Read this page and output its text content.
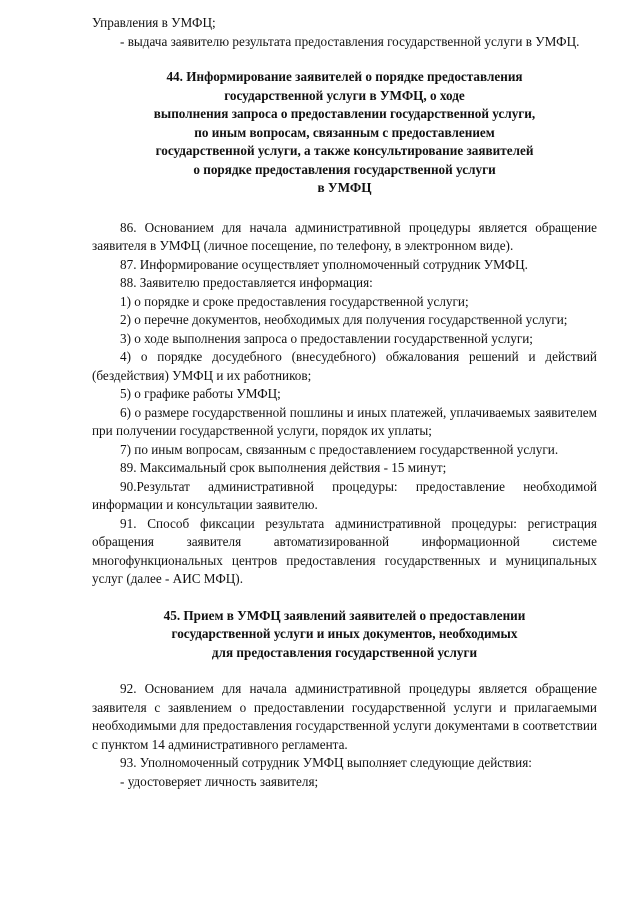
Управления в УМФЦ;

- выдача заявителю результата предоставления государственной услуги в УМФЦ.

44. Информирование заявителей о порядке предоставления

государственной услуги в УМФЦ, о ходе

выполнения запроса о предоставлении государственной услуги,

по иным вопросам, связанным с предоставлением

государственной услуги, а также консультирование заявителей

о порядке предоставления государственной услуги

в УМФЦ

86. Основанием для начала административной процедуры является обращение заявителя в УМФЦ (личное посещение, по телефону, в электронном виде).

87. Информирование осуществляет уполномоченный сотрудник УМФЦ.

88. Заявителю предоставляется информация:

1) о порядке и сроке предоставления государственной услуги;

2) о перечне документов, необходимых для получения государственной услуги;

3) о ходе выполнения запроса о предоставлении государственной услуги;

4) о порядке досудебного (внесудебного) обжалования решений и действий (бездействия) УМФЦ и их работников;

5) о графике работы УМФЦ;

6) о размере государственной пошлины и иных платежей, уплачиваемых заявителем при получении государственной услуги, порядок их уплаты;

7) по иным вопросам, связанным с предоставлением государственной услуги.

89. Максимальный срок выполнения действия - 15 минут;

90.Результат административной процедуры: предоставление необходимой информации и консультации заявителю.

91. Способ фиксации результата административной процедуры: регистрация обращения заявителя автоматизированной информационной системе многофункциональных центров предоставления государственных и муниципальных услуг (далее - АИС МФЦ).

45. Прием в УМФЦ заявлений заявителей о предоставлении

государственной услуги и иных документов, необходимых

для предоставления государственной услуги

92. Основанием для начала административной процедуры является обращение заявителя с заявлением о предоставлении государственной услуги и прилагаемыми необходимыми для предоставления государственной услуги документами в соответствии с пунктом 14 административного регламента.

93. Уполномоченный сотрудник УМФЦ выполняет следующие действия:

- удостоверяет личность заявителя;
